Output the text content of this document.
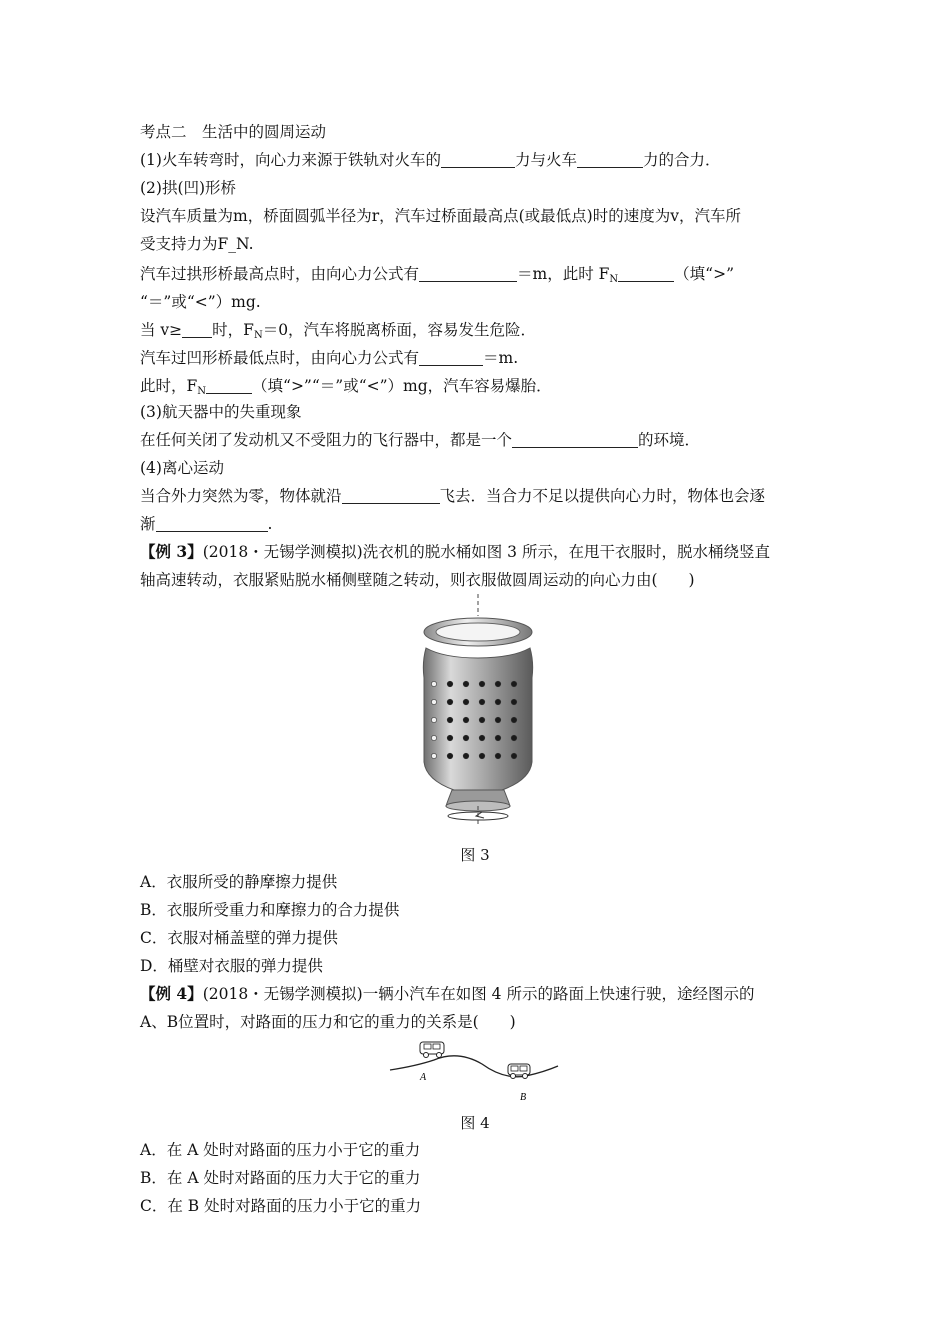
考点二　生活中的圆周运动
(1)火车转弯时，向心力来源于铁轨对火车的	力与火车	力的合力．
(2)拱(凹)形桥
设汽车质量为m，桥面圆弧半径为r，汽车过桥面最高点(或最低点)时的速度为v，汽车所
受支持力为F_N.
汽车过拱形桥最高点时，由向心力公式有	＝m，此时 $F_N$	（填“>”
“＝”或“<”）mg.
当 v≥ 时，$F_N=0$，汽车将脱离桥面，容易发生危险．
汽车过凹形桥最低点时，由向心力公式有	＝m.
此时，$F_N$	（填“>”“＝”或“<”）mg，汽车容易爆胎．
(3)航天器中的失重现象
在任何关闭了发动机又不受阻力的飞行器中，都是一个	的环境．
(4)离心运动
当合外力突然为零，物体就沿	飞去．当合力不足以提供向心力时，物体也会逐
渐	.
【例 3】(2018・无锡学测模拟)洗衣机的脱水桶如图 3 所示，在甩干衣服时，脱水桶绕竖直
轴高速转动，衣服紧贴脱水桶侧壁随之转动，则衣服做圆周运动的向心力由(　　)
图 3
A．衣服所受的静摩擦力提供
B．衣服所受重力和摩擦力的合力提供
C．衣服对桶盖壁的弹力提供
D．桶壁对衣服的弹力提供
【例 4】(2018・无锡学测模拟)一辆小汽车在如图 4 所示的路面上快速行驶，途经图示的
A、B位置时，对路面的压力和它的重力的关系是(　　)
A
B
图 4
A．在 A 处时对路面的压力小于它的重力
B．在 A 处时对路面的压力大于它的重力
C．在 B 处时对路面的压力小于它的重力
